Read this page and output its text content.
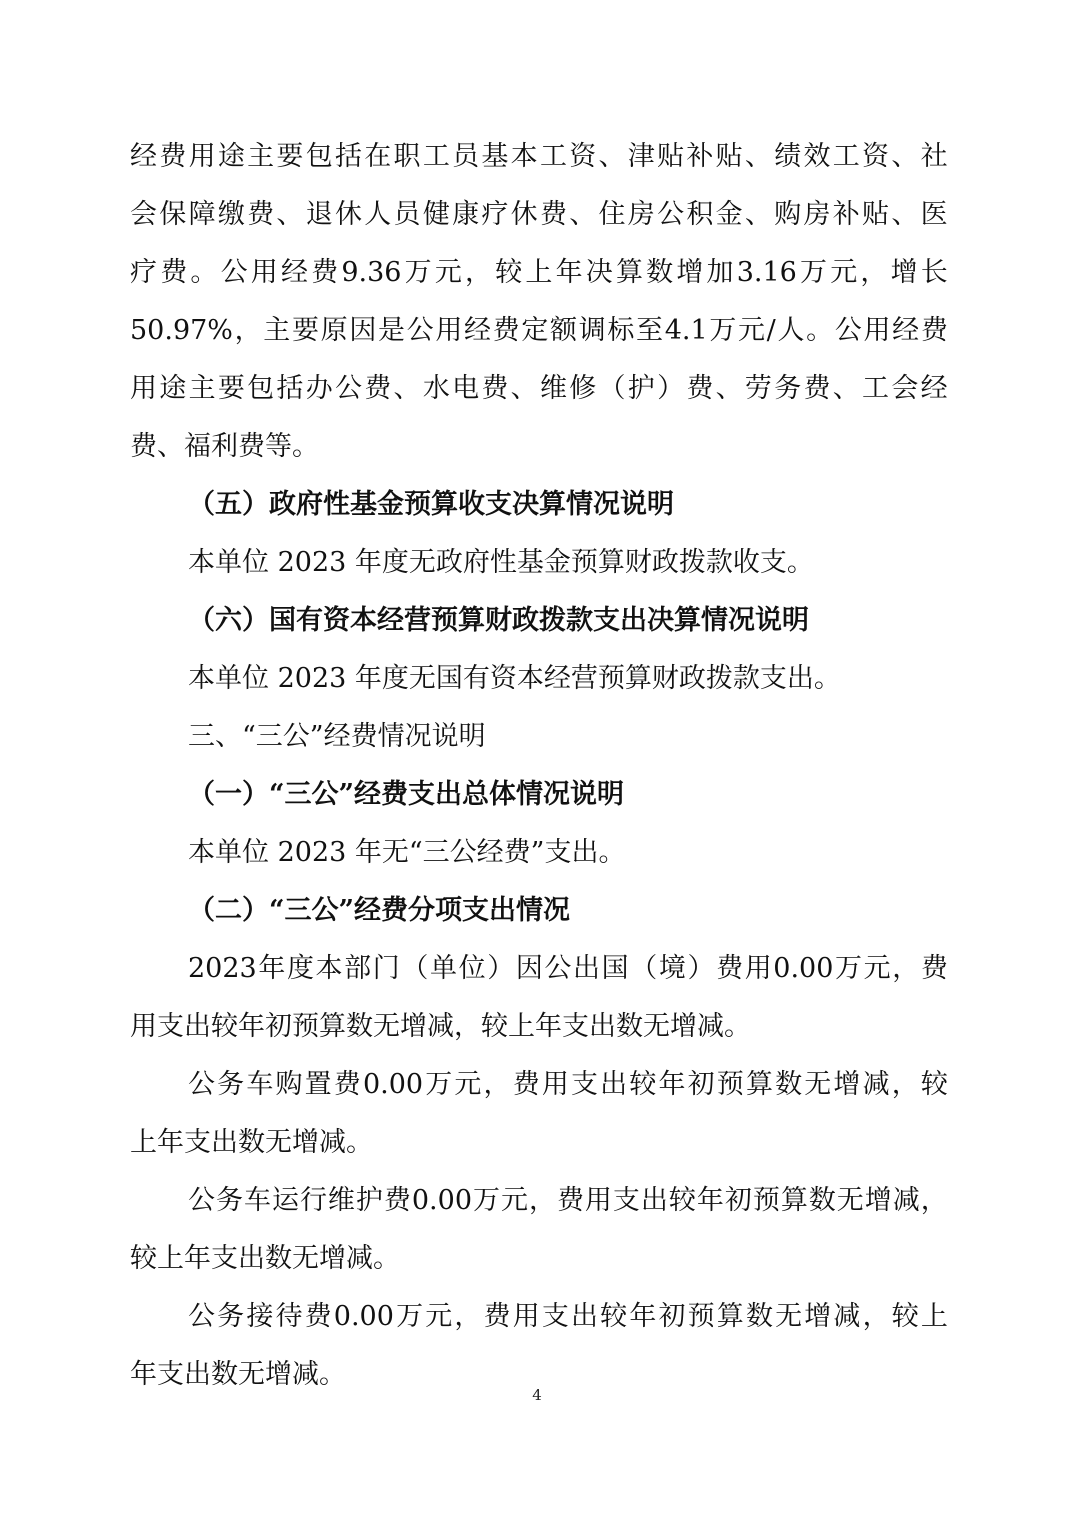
经 费 用 途 主 要 包 括 在 职 工 员 基 本 工 资 、 津 贴 补 贴 、 绩 效 工 资 、 社
会 保 障 缴 费 、 退 休 人 员 健 康 疗 休 费 、 住 房 公 积 金 、 购 房 补 贴 、 医
疗 费 。 公 用 经 费 9.36 万 元 ， 较 上 年 决 算 数 增 加 3.16 万 元 ， 增 长
50.97% ， 主 要 原 因 是 公 用 经 费 定 额 调 标 至 4.1 万 元 / 人 。 公 用 经 费
用 途 主 要 包 括 办 公 费 、 水 电 费 、 维 修 （ 护 ） 费 、 劳 务 费 、 工 会 经
费、福利费等。
（五）政府性基金预算收支决算情况说明
本单位 2023 年度无政府性基金预算财政拨款收支。
（六）国有资本经营预算财政拨款支出决算情况说明
本单位 2023 年度无国有资本经营预算财政拨款支出。
三、“三公”经费情况说明
（一）“三公”经费支出总体情况说明
本单位 2023 年无“三公经费”支出。
（二）“三公”经费分项支出情况
2023 年 度 本 部 门 （ 单 位 ） 因 公 出 国 （ 境 ） 费 用 0.00 万 元 ， 费
用支出较年初预算数无增减，较上年支出数无增减。
公 务 车 购 置 费 0.00 万 元 ， 费 用 支 出 较 年 初 预 算 数 无 增 减 ， 较
上年支出数无增减。
公 务 车 运 行 维 护 费 0.00 万 元 ， 费 用 支 出 较 年 初 预 算 数 无 增 减 ，
较上年支出数无增减。
公 务 接 待 费 0.00 万 元 ， 费 用 支 出 较 年 初 预 算 数 无 增 减 ， 较 上
年支出数无增减。
4
